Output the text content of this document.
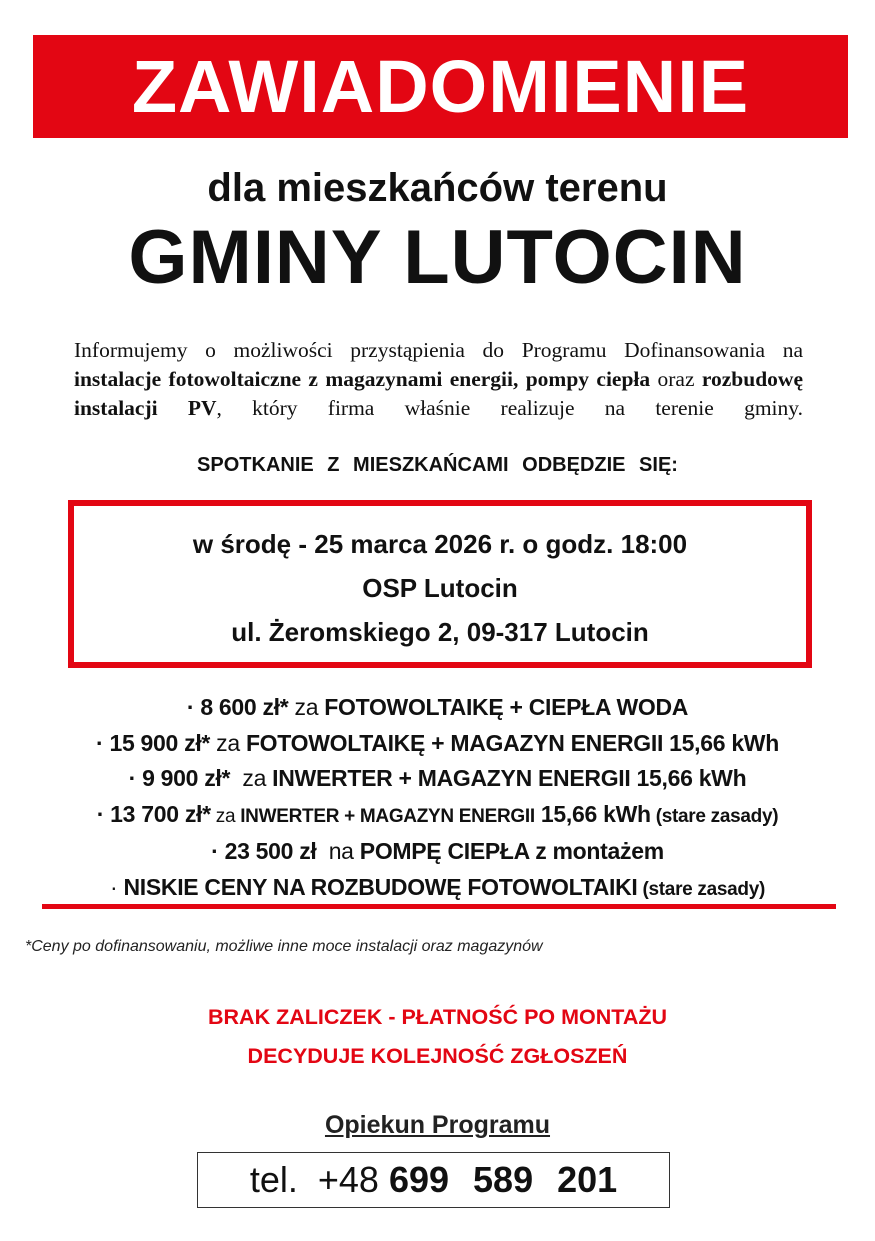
ZAWIADOMIENIE
dla mieszkańców terenu
GMINY LUTOCIN

Informujemy o możliwości przystąpienia do Programu Dofinansowania na instalacje fotowoltaiczne z magazynami energii, pompy ciepła oraz rozbudowę instalacji PV, który firma właśnie realizuje na terenie gminy.

SPOTKANIE Z MIESZKAŃCAMI ODBĘDZIE SIĘ:
w środę - 25 marca 2026 r. o godz. 18:00
OSP Lutocin
ul. Żeromskiego 2, 09-317 Lutocin
· 8 600 zł* za FOTOWOLTAIKĘ + CIEPŁA WODA
· 15 900 zł* za FOTOWOLTAIKĘ + MAGAZYN ENERGII 15,66 kWh
· 9 900 zł*  za INWERTER + MAGAZYN ENERGII 15,66 kWh
· 13 700 zł* za INWERTER + MAGAZYN ENERGII 15,66 kWh (stare zasady)
· 23 500 zł  na POMPĘ CIEPŁA z montażem
· NISKIE CENY NA ROZBUDOWĘ FOTOWOLTAIKI (stare zasady)
*Ceny po dofinansowaniu, możliwe inne moce instalacji oraz magazynów
BRAK ZALICZEK - PŁATNOŚĆ PO MONTAŻU
DECYDUJE KOLEJNOŚĆ ZGŁOSZEŃ
Opiekun Programu
tel.  +48 699 589 201
